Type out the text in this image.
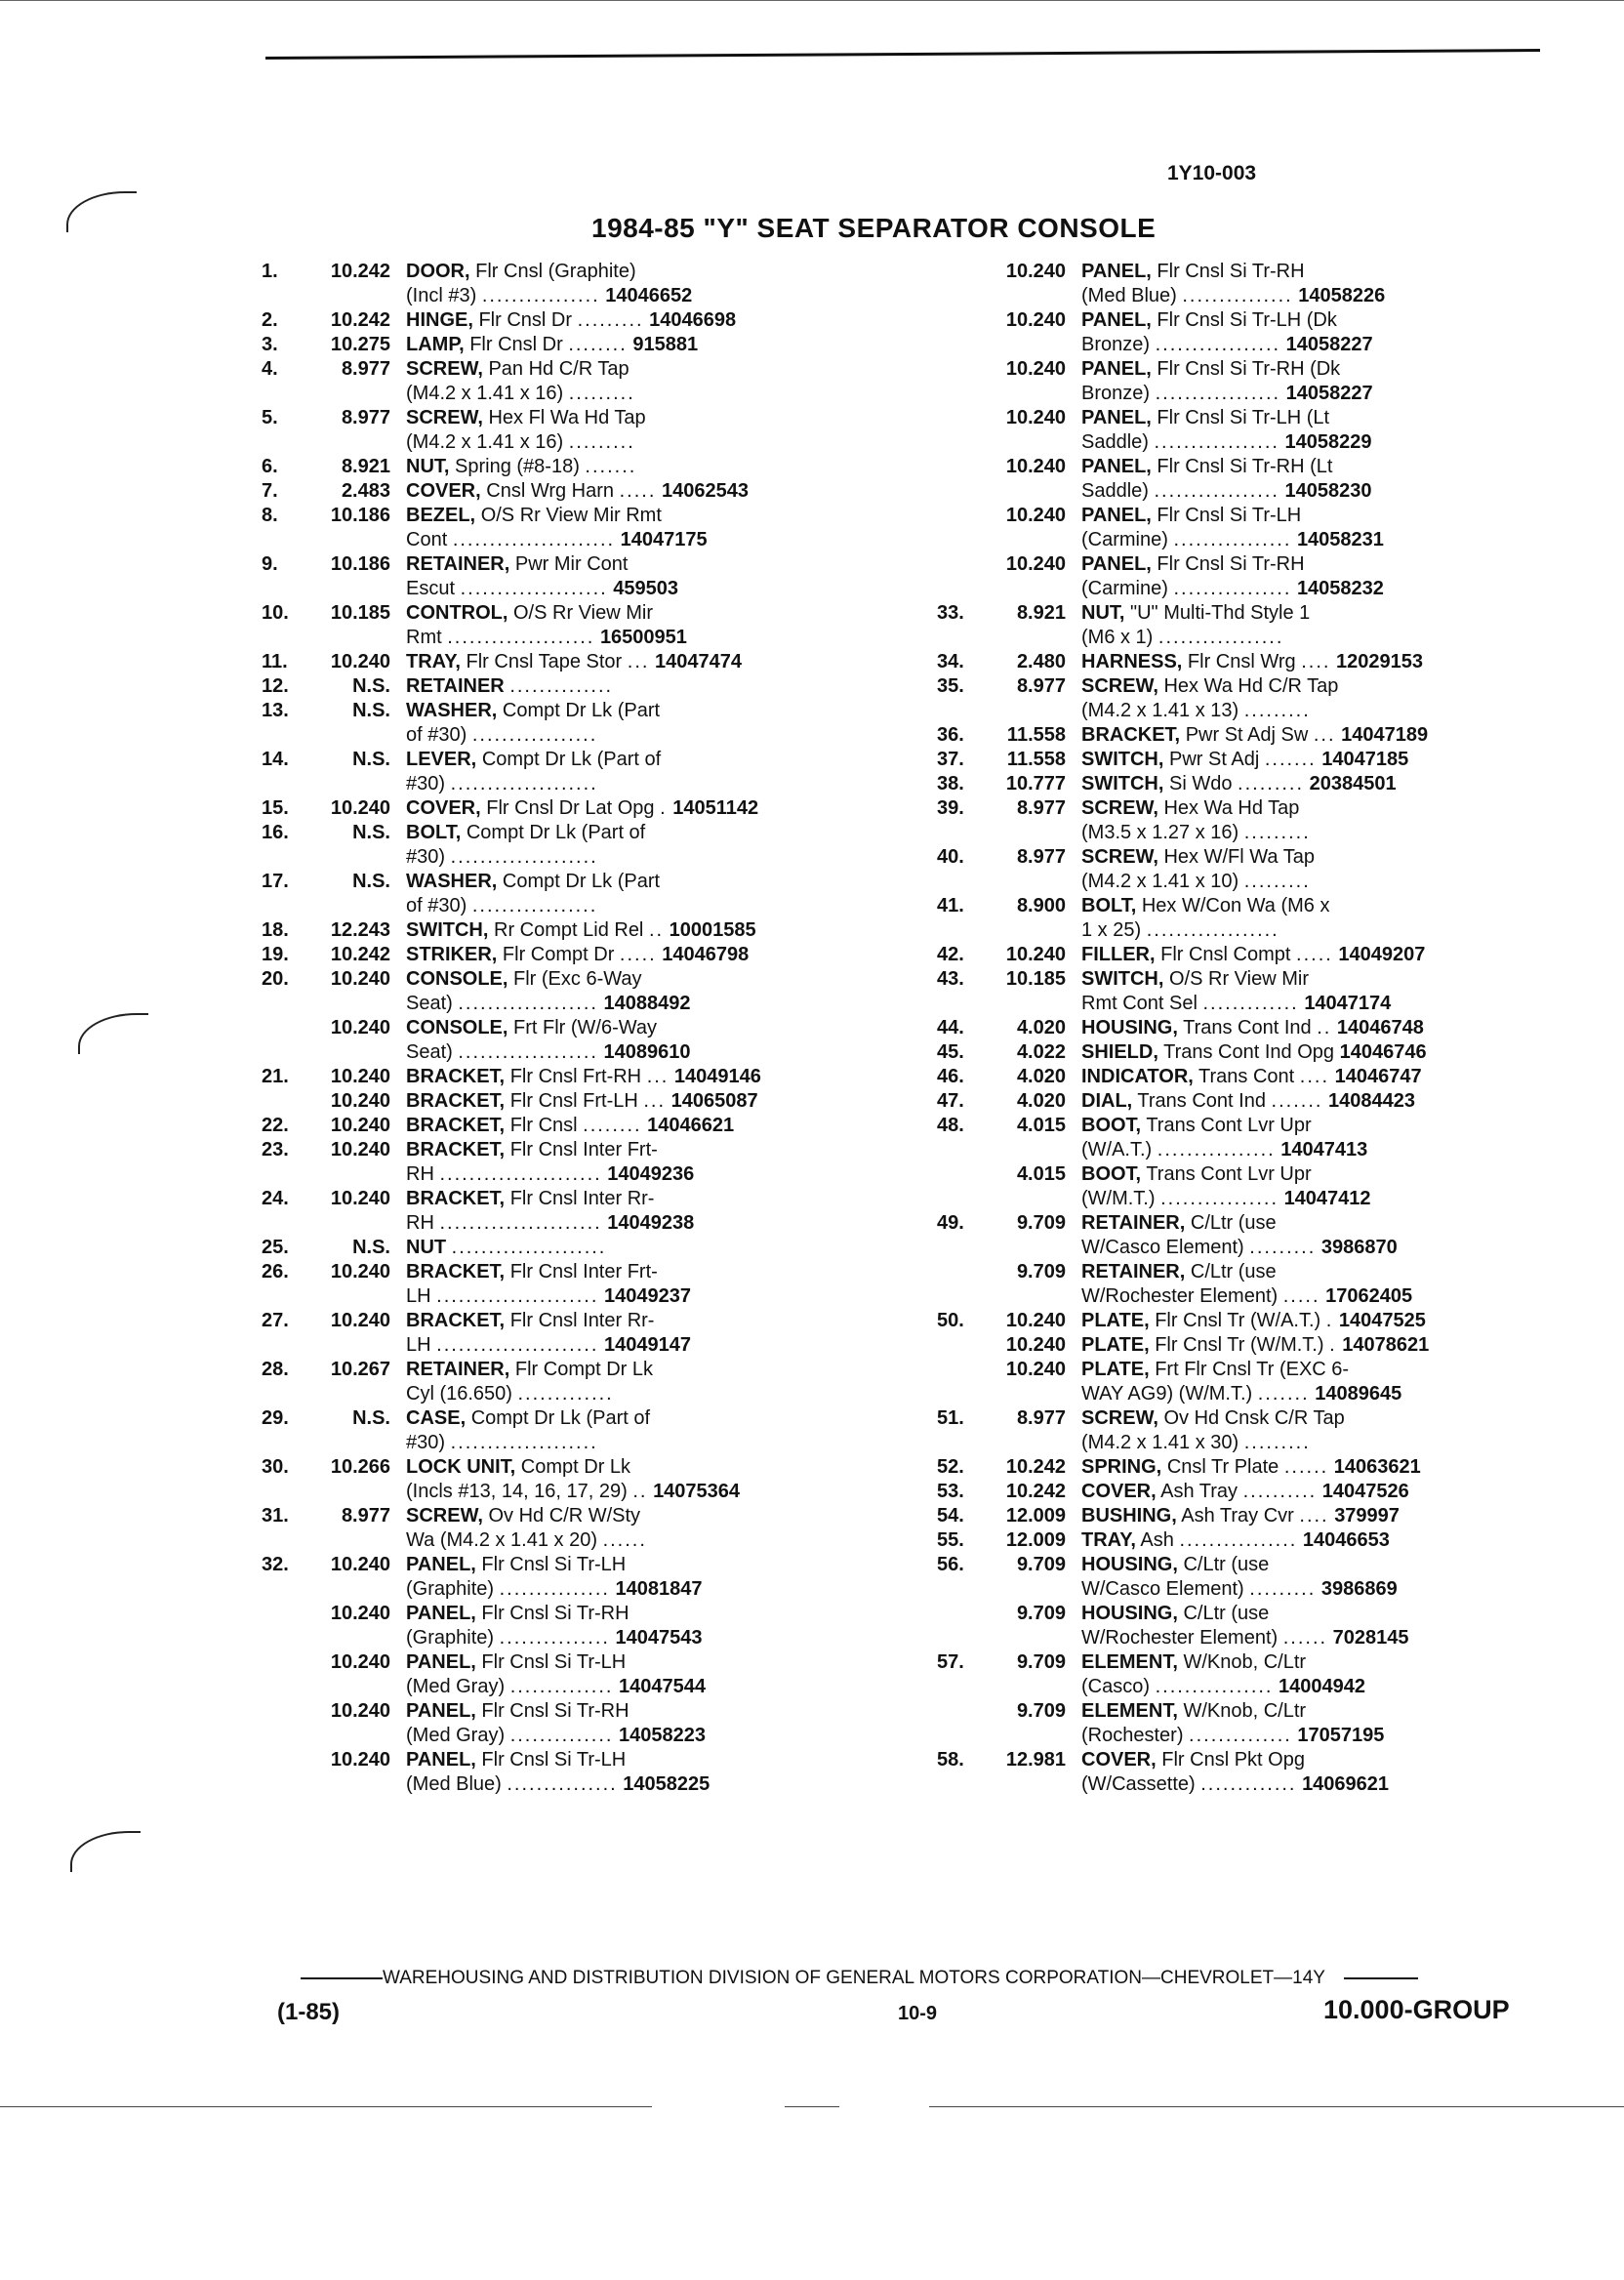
1Y10-003
1984-85 "Y" SEAT SEPARATOR CONSOLE
1.	10.242 DOOR, Flr Cnsl (Graphite)
(Incl #3) ................ 14046652
2.	10.242 HINGE, Flr Cnsl Dr ......... 14046698
3.	10.275 LAMP, Flr Cnsl Dr ........ 915881
4.	8.977 SCREW, Pan Hd C/R Tap
(M4.2 x 1.41 x 16) .........
5.	8.977 SCREW, Hex Fl Wa Hd Tap
(M4.2 x 1.41 x 16) .........
6.	8.921 NUT, Spring (#8-18) .......
7.	2.483 COVER, Cnsl Wrg Harn ..... 14062543
8.	10.186 BEZEL, O/S Rr View Mir Rmt
Cont ...................... 14047175
9.	10.186 RETAINER, Pwr Mir Cont
Escut .................... 459503
10.	10.185 CONTROL, O/S Rr View Mir
Rmt .................... 16500951
11.	10.240 TRAY, Flr Cnsl Tape Stor ... 14047474
12.	N.S. RETAINER ..............
13.	N.S. WASHER, Compt Dr Lk (Part
of #30) .................
14.	N.S. LEVER, Compt Dr Lk (Part of
#30) ....................
15.	10.240 COVER, Flr Cnsl Dr Lat Opg . 14051142
16.	N.S. BOLT, Compt Dr Lk (Part of
#30) ....................
17.	N.S. WASHER, Compt Dr Lk (Part
of #30) .................
18.	12.243 SWITCH, Rr Compt Lid Rel .. 10001585
19.	10.242 STRIKER, Flr Compt Dr ..... 14046798
20.	10.240 CONSOLE, Flr (Exc 6-Way
Seat) ................... 14088492
10.240 CONSOLE, Frt Flr (W/6-Way
Seat) ................... 14089610
21.	10.240 BRACKET, Flr Cnsl Frt-RH ... 14049146
10.240 BRACKET, Flr Cnsl Frt-LH ... 14065087
22.	10.240 BRACKET, Flr Cnsl ........ 14046621
23.	10.240 BRACKET, Flr Cnsl Inter Frt-
RH ...................... 14049236
24.	10.240 BRACKET, Flr Cnsl Inter Rr-
RH ...................... 14049238
25.	N.S. NUT .....................
26.	10.240 BRACKET, Flr Cnsl Inter Frt-
LH ...................... 14049237
27.	10.240 BRACKET, Flr Cnsl Inter Rr-
LH ...................... 14049147
28.	10.267 RETAINER, Flr Compt Dr Lk
Cyl (16.650) .............
29.	N.S. CASE, Compt Dr Lk (Part of
#30) ....................
30.	10.266 LOCK UNIT, Compt Dr Lk
(Incls #13, 14, 16, 17, 29) .. 14075364
31.	8.977 SCREW, Ov Hd C/R W/Sty
Wa (M4.2 x 1.41 x 20) ......
32.	10.240 PANEL, Flr Cnsl Si Tr-LH
(Graphite) ............... 14081847
10.240 PANEL, Flr Cnsl Si Tr-RH
(Graphite) ............... 14047543
10.240 PANEL, Flr Cnsl Si Tr-LH
(Med Gray) .............. 14047544
10.240 PANEL, Flr Cnsl Si Tr-RH
(Med Gray) .............. 14058223
10.240 PANEL, Flr Cnsl Si Tr-LH
(Med Blue) ............... 14058225
10.240 PANEL, Flr Cnsl Si Tr-RH
(Med Blue) ............... 14058226
10.240 PANEL, Flr Cnsl Si Tr-LH (Dk
Bronze) ................. 14058227
10.240 PANEL, Flr Cnsl Si Tr-RH (Dk
Bronze) ................. 14058227
10.240 PANEL, Flr Cnsl Si Tr-LH (Lt
Saddle) ................. 14058229
10.240 PANEL, Flr Cnsl Si Tr-RH (Lt
Saddle) ................. 14058230
10.240 PANEL, Flr Cnsl Si Tr-LH
(Carmine) ................ 14058231
10.240 PANEL, Flr Cnsl Si Tr-RH
(Carmine) ................ 14058232
33.	8.921 NUT, "U" Multi-Thd Style 1
(M6 x 1) .................
34.	2.480 HARNESS, Flr Cnsl Wrg .... 12029153
35.	8.977 SCREW, Hex Wa Hd C/R Tap
(M4.2 x 1.41 x 13) .........
36.	11.558 BRACKET, Pwr St Adj Sw ... 14047189
37.	11.558 SWITCH, Pwr St Adj ....... 14047185
38.	10.777 SWITCH, Si Wdo ......... 20384501
39.	8.977 SCREW, Hex Wa Hd Tap
(M3.5 x 1.27 x 16) .........
40.	8.977 SCREW, Hex W/Fl Wa Tap
(M4.2 x 1.41 x 10) .........
41.	8.900 BOLT, Hex W/Con Wa (M6 x
1 x 25) ..................
42.	10.240 FILLER, Flr Cnsl Compt ..... 14049207
43.	10.185 SWITCH, O/S Rr View Mir
Rmt Cont Sel ............. 14047174
44.	4.020 HOUSING, Trans Cont Ind .. 14046748
45.	4.022 SHIELD, Trans Cont Ind Opg 14046746
46.	4.020 INDICATOR, Trans Cont .... 14046747
47.	4.020 DIAL, Trans Cont Ind ....... 14084423
48.	4.015 BOOT, Trans Cont Lvr Upr
(W/A.T.) ................ 14047413
4.015 BOOT, Trans Cont Lvr Upr
(W/M.T.) ................ 14047412
49.	9.709 RETAINER, C/Ltr (use
W/Casco Element) ......... 3986870
9.709 RETAINER, C/Ltr (use
W/Rochester Element) ..... 17062405
50.	10.240 PLATE, Flr Cnsl Tr (W/A.T.) . 14047525
10.240 PLATE, Flr Cnsl Tr (W/M.T.) . 14078621
10.240 PLATE, Frt Flr Cnsl Tr (EXC 6-
WAY AG9) (W/M.T.) ....... 14089645
51.	8.977 SCREW, Ov Hd Cnsk C/R Tap
(M4.2 x 1.41 x 30) .........
52.	10.242 SPRING, Cnsl Tr Plate ...... 14063621
53.	10.242 COVER, Ash Tray .......... 14047526
54.	12.009 BUSHING, Ash Tray Cvr .... 379997
55.	12.009 TRAY, Ash ................ 14046653
56.	9.709 HOUSING, C/Ltr (use
W/Casco Element) ......... 3986869
9.709 HOUSING, C/Ltr (use
W/Rochester Element) ...... 7028145
57.	9.709 ELEMENT, W/Knob, C/Ltr
(Casco) ................ 14004942
9.709 ELEMENT, W/Knob, C/Ltr
(Rochester) .............. 17057195
58.	12.981 COVER, Flr Cnsl Pkt Opg
(W/Cassette) ............. 14069621
WAREHOUSING AND DISTRIBUTION DIVISION OF GENERAL MOTORS CORPORATION—CHEVROLET—14Y
(1-85)	10-9	10.000-GROUP
